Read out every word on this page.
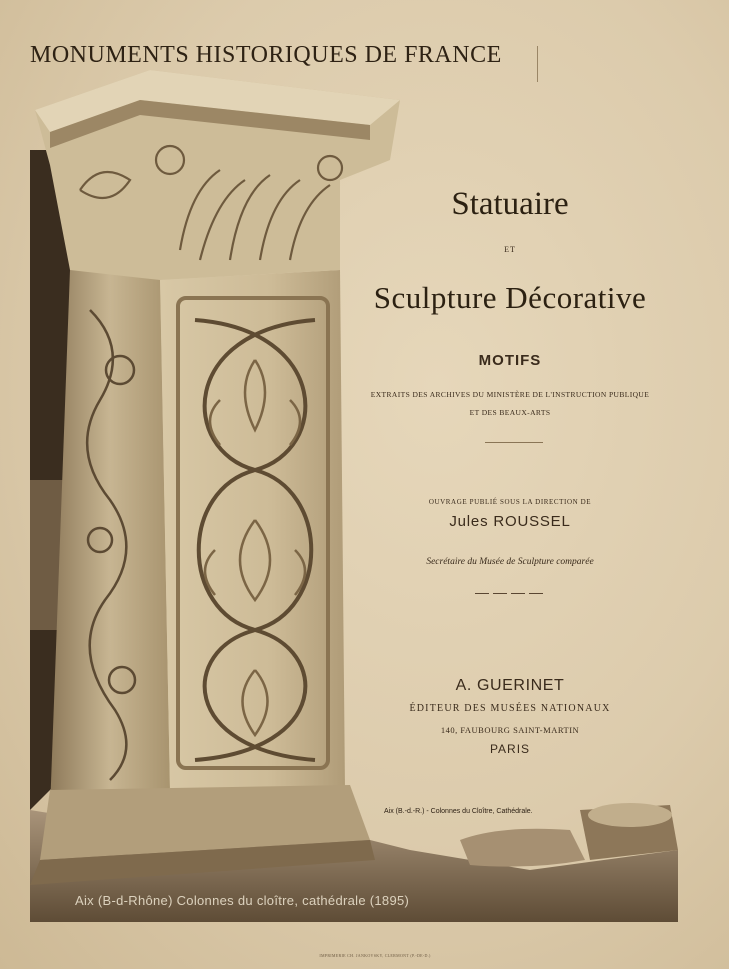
MONUMENTS HISTORIQUES DE FRANCE
Statuaire
ET
Sculpture Décorative
MOTIFS
EXTRAITS DES ARCHIVES DU MINISTÈRE DE L'INSTRUCTION PUBLIQUE
ET DES BEAUX-ARTS
OUVRAGE PUBLIÉ SOUS LA DIRECTION DE
Jules ROUSSEL
Secrétaire du Musée de Sculpture comparée
A. GUERINET
ÉDITEUR DES MUSÉES NATIONAUX
140, FAUBOURG SAINT-MARTIN
PARIS
Aix (B.-d.-R.) - Colonnes du Cloître, Cathédrale.
Aix (B-d-Rhône) Colonnes du cloître, cathédrale (1895)
IMPRIMERIE CH. JANKOVSKY, CLERMONT (P.-DE-D.)
